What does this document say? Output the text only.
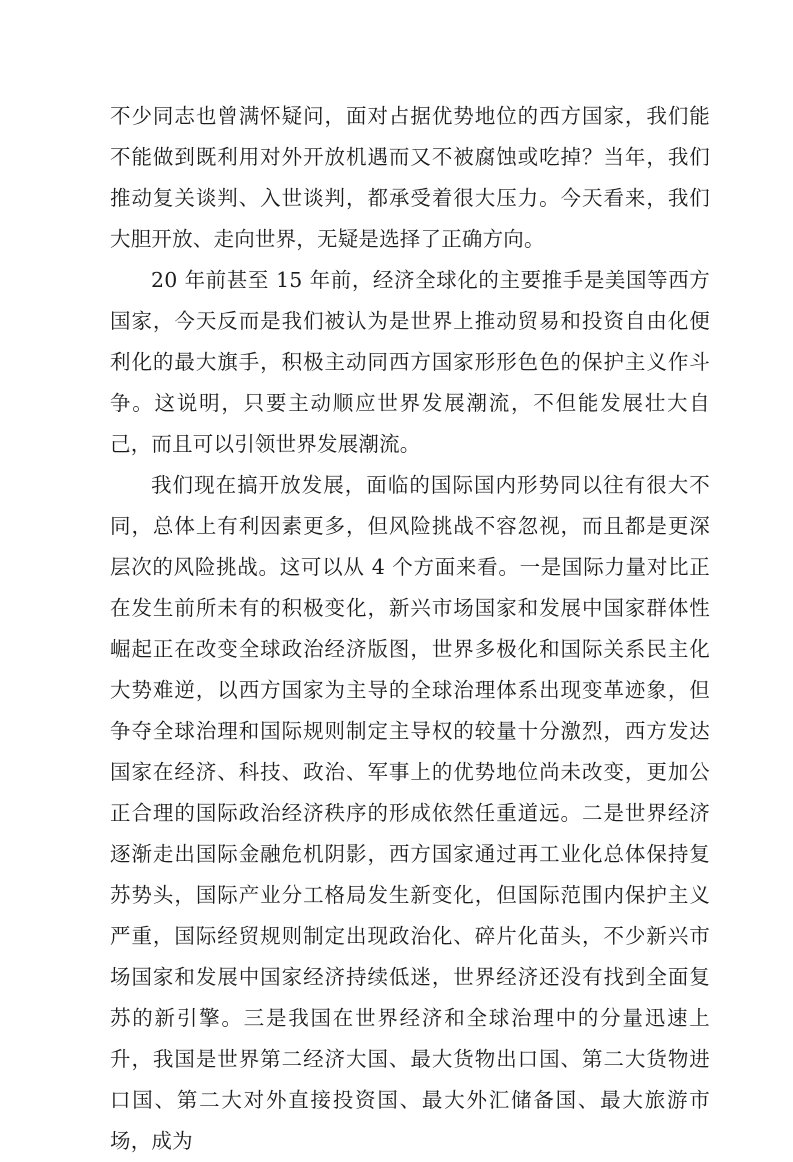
不少同志也曾满怀疑问，面对占据优势地位的西方国家，我们能不能做到既利用对外开放机遇而又不被腐蚀或吃掉？当年，我们推动复关谈判、入世谈判，都承受着很大压力。今天看来，我们大胆开放、走向世界，无疑是选择了正确方向。

20 年前甚至 15 年前，经济全球化的主要推手是美国等西方国家，今天反而是我们被认为是世界上推动贸易和投资自由化便利化的最大旗手，积极主动同西方国家形形色色的保护主义作斗争。这说明，只要主动顺应世界发展潮流，不但能发展壮大自己，而且可以引领世界发展潮流。

我们现在搞开放发展，面临的国际国内形势同以往有很大不同，总体上有利因素更多，但风险挑战不容忽视，而且都是更深层次的风险挑战。这可以从 4 个方面来看。一是国际力量对比正在发生前所未有的积极变化，新兴市场国家和发展中国家群体性崛起正在改变全球政治经济版图，世界多极化和国际关系民主化大势难逆，以西方国家为主导的全球治理体系出现变革迹象，但争夺全球治理和国际规则制定主导权的较量十分激烈，西方发达国家在经济、科技、政治、军事上的优势地位尚未改变，更加公正合理的国际政治经济秩序的形成依然任重道远。二是世界经济逐渐走出国际金融危机阴影，西方国家通过再工业化总体保持复苏势头，国际产业分工格局发生新变化，但国际范围内保护主义严重，国际经贸规则制定出现政治化、碎片化苗头，不少新兴市场国家和发展中国家经济持续低迷，世界经济还没有找到全面复苏的新引擎。三是我国在世界经济和全球治理中的分量迅速上升，我国是世界第二经济大国、最大货物出口国、第二大货物进口国、第二大对外直接投资国、最大外汇储备国、最大旅游市场，成为
